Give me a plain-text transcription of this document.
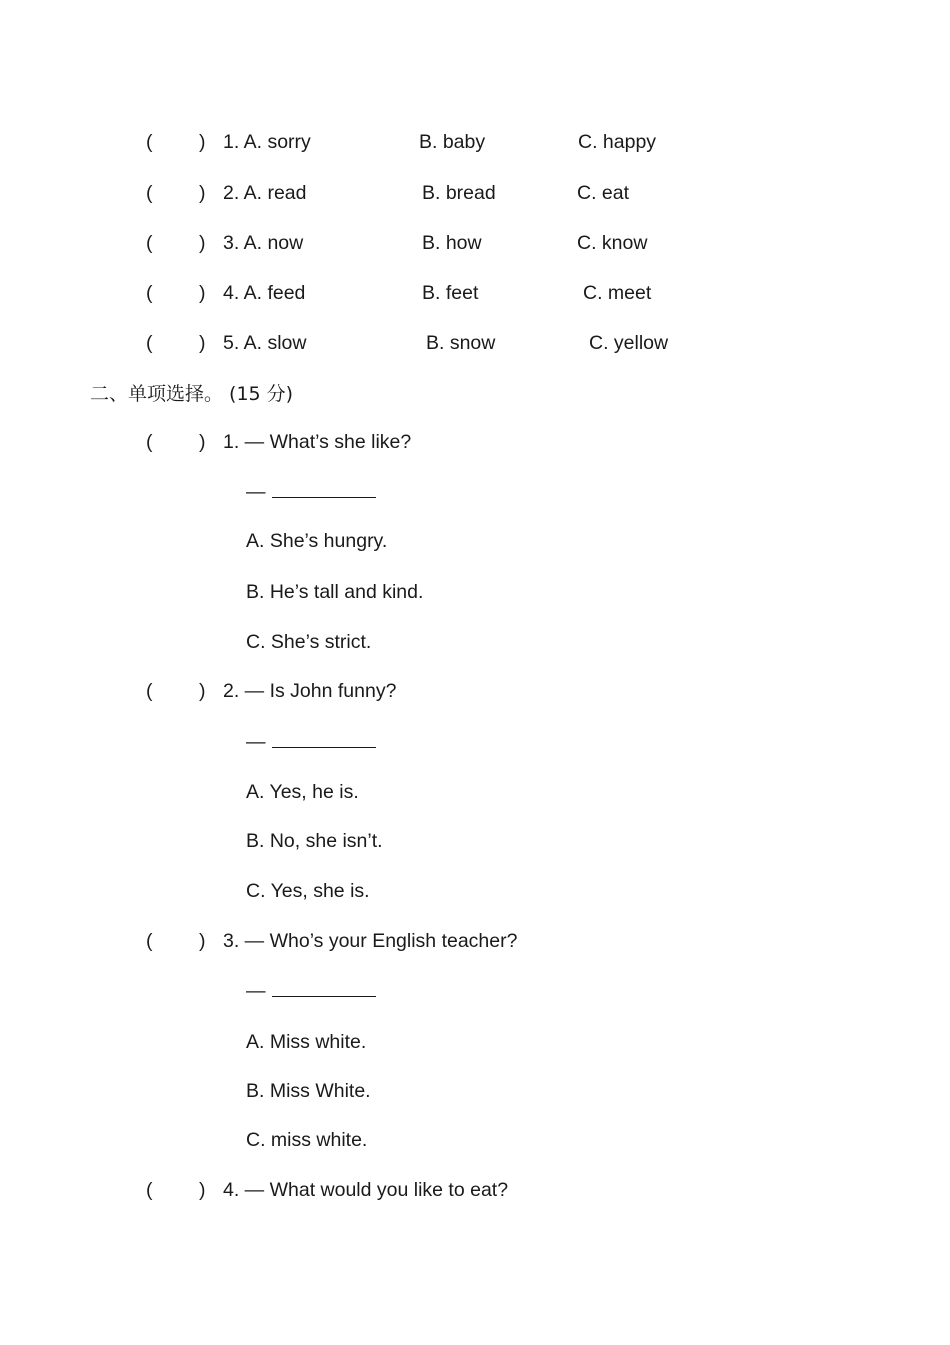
( ) 1. A. sorry	B. baby	C. happy
( ) 2. A. read	B. bread	C. eat
( ) 3. A. now	B. how	C. know
( ) 4. A. feed	B. feet	C. meet
( ) 5. A. slow	B. snow	C. yellow
二、单项选择。 (15 分)
( ) 1. — What’s she like?
—
A. She’s hungry.
B. He’s tall and kind.
C. She’s strict.
( ) 2. — Is John funny?
—
A. Yes, he is.
B. No, she isn’t.
C. Yes, she is.
( ) 3. — Who’s your English teacher?
—
A. Miss white.
B. Miss White.
C. miss white.
( ) 4. — What would you like to eat?
